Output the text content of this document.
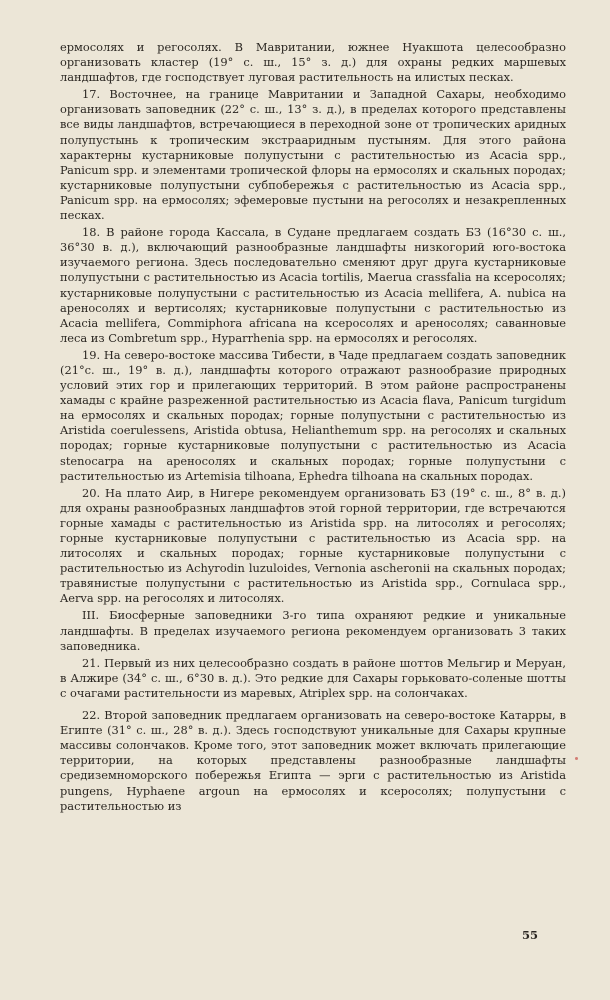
ермосолях и регосолях. В Мавритании, южнее Нуакшота целесообразно организовать кластер (19° с. ш., 15° з. д.) для охраны редких маршевых ландшафтов, где господствует луговая растительность на илистых песках.

17. Восточнее, на границе Мавритании и Западной Сахары, необходимо организовать заповедник (22° с. ш., 13° з. д.), в пределах которого представлены все виды ландшафтов, встречающиеся в переходной зоне от тропических аридных полупустынь к тропическим экстрааридным пустыням. Для этого района характерны кустарниковые полупустыни с растительностью из Acacia spp., Panicum spp. и элементами тропической флоры на ермосолях и скальных породах; кустарниковые полупустыни субпобережья с растительностью из Acacia spp., Panicum spp. на ермосолях; эфемеровые пустыни на регосолях и незакрепленных песках.

18. В районе города Кассала, в Судане предлагаем создать БЗ (16°30 с. ш., 36°30 в. д.), включающий разнообразные ландшафты низкогорий юго-востока изучаемого региона. Здесь последовательно сменяют друг друга кустарниковые полупустыни с растительностью из Acacia tortilis, Maerua crassfalia на ксеросолях; кустарниковые полупустыни с растительностью из Acacia mellifera, A. nubica на ареносолях и вертисолях; кустарниковые полупустыни с растительностью из Acacia mellifera, Commiphora africana на ксеросолях и ареносолях; саванновые леса из Combretum spp., Hyparrhenia spp. на ермосолях и регосолях.

19. На северо-востоке массива Тибести, в Чаде предлагаем создать заповедник (21°с. ш., 19° в. д.), ландшафты которого отражают разнообразие природных условий этих гор и прилегающих территорий. В этом районе распространены хамады с крайне разреженной растительностью из Acacia flava, Panicum turgidum на ермосолях и скальных породах; горные полупустыни с растительностью из Aristida coerulessens, Aristida obtusa, Helianthemum spp. на регосолях и скальных породах; горные кустарниковые полупустыни с растительностью из Acacia stenocarpa на ареносолях и скальных породах; горные полупустыни с растительностью из Artemisia tilhoana, Ephedra tilhoana на скальных породах.

20. На плато Аир, в Нигере рекомендуем организовать БЗ (19° с. ш., 8° в. д.) для охраны разнообразных ландшафтов этой горной территории, где встречаются горные хамады с растительностью из Aristida spp. на литосолях и регосолях; горные кустарниковые полупустыни с растительностью из Acacia spp. на литосолях и скальных породах; горные кустарниковые полупустыни с растительностью из Achyrodin luzuloides, Vernonia ascheronii на скальных породах; травянистые полупустыни с растительностью из Aristida spp., Cornulaca spp., Aerva spp. на регосолях и литосолях.

III. Биосферные заповедники 3-го типа охраняют редкие и уникальные ландшафты. В пределах изучаемого региона рекомендуем организовать 3 таких заповедника.

21. Первый из них целесообразно создать в районе шоттов Мельгир и Меруан, в Алжире (34° с. ш., 6°30 в. д.). Это редкие для Сахары горьковато-соленые шотты с очагами растительности из маревых, Atriplex spp. на солончаках.

22. Второй заповедник предлагаем организовать на северо-востоке Катарры, в Египте (31° с. ш., 28° в. д.). Здесь господствуют уникальные для Сахары крупные массивы солончаков. Кроме того, этот заповедник может включать прилегающие территории, на которых представлены разнообразные ландшафты средиземноморского побережья Египта — эрги с растительностью из Aristida pungens, Hyphaene argoun на ермосолях и ксеросолях; полупустыни с растительностью из

55
